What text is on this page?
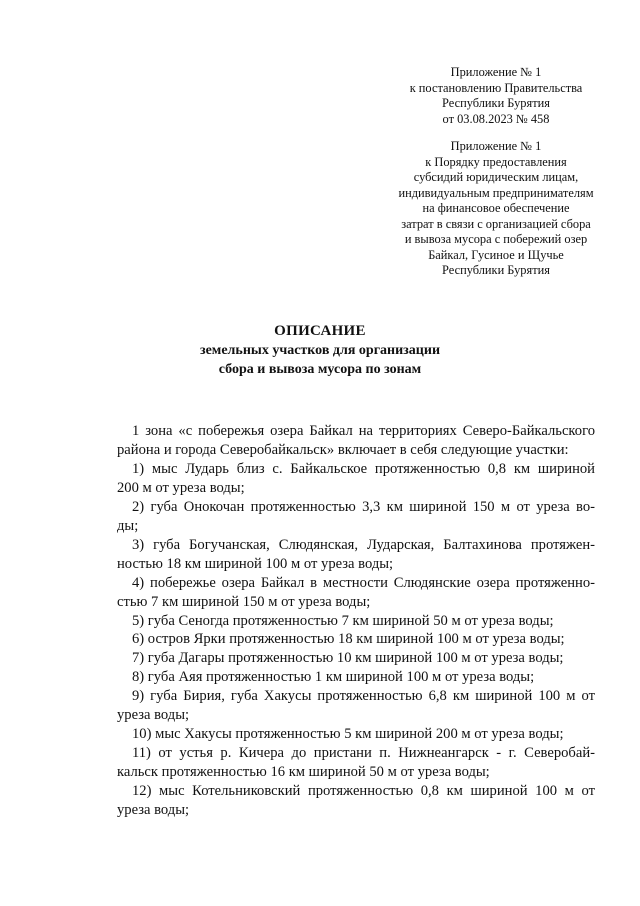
Приложение № 1
к постановлению Правительства
Республики Бурятия
от 03.08.2023 № 458
Приложение № 1
к Порядку предоставления
субсидий юридическим лицам,
индивидуальным предпринимателям
на финансовое обеспечение
затрат в связи с организацией сбора
и вывоза мусора с побережий озер
Байкал, Гусиное и Щучье
Республики Бурятия
ОПИСАНИЕ
земельных участков для организации
сбора и вывоза мусора по зонам
1 зона «с побережья озера Байкал на территориях Северо-Байкальского
района и города Северобайкальск» включает в себя следующие участки:
1) мыс Лударь близ с. Байкальское протяженностью 0,8 км шириной
200 м от уреза воды;
2) губа Онокочан протяженностью 3,3 км шириной 150 м от уреза во-
ды;
3) губа Богучанская, Слюдянская, Лударская, Балтахинова протяжен-
ностью 18 км шириной 100 м от уреза воды;
4) побережье озера Байкал в местности Слюдянские озера протяженно-
стью 7 км шириной 150 м от уреза воды;
5) губа Сеногда протяженностью 7 км шириной 50 м от уреза воды;
6) остров Ярки протяженностью 18 км шириной 100 м от уреза воды;
7) губа Дагары протяженностью 10 км шириной 100 м от уреза воды;
8) губа Аяя протяженностью 1 км шириной 100 м от уреза воды;
9) губа Бирия, губа Хакусы протяженностью 6,8 км шириной 100 м от
уреза воды;
10) мыс Хакусы протяженностью 5 км шириной 200 м от уреза воды;
11) от устья р. Кичера до пристани п. Нижнеангарск - г. Северобай-
кальск протяженностью 16 км шириной 50 м от уреза воды;
12) мыс Котельниковский протяженностью 0,8 км шириной 100 м от
уреза воды;
